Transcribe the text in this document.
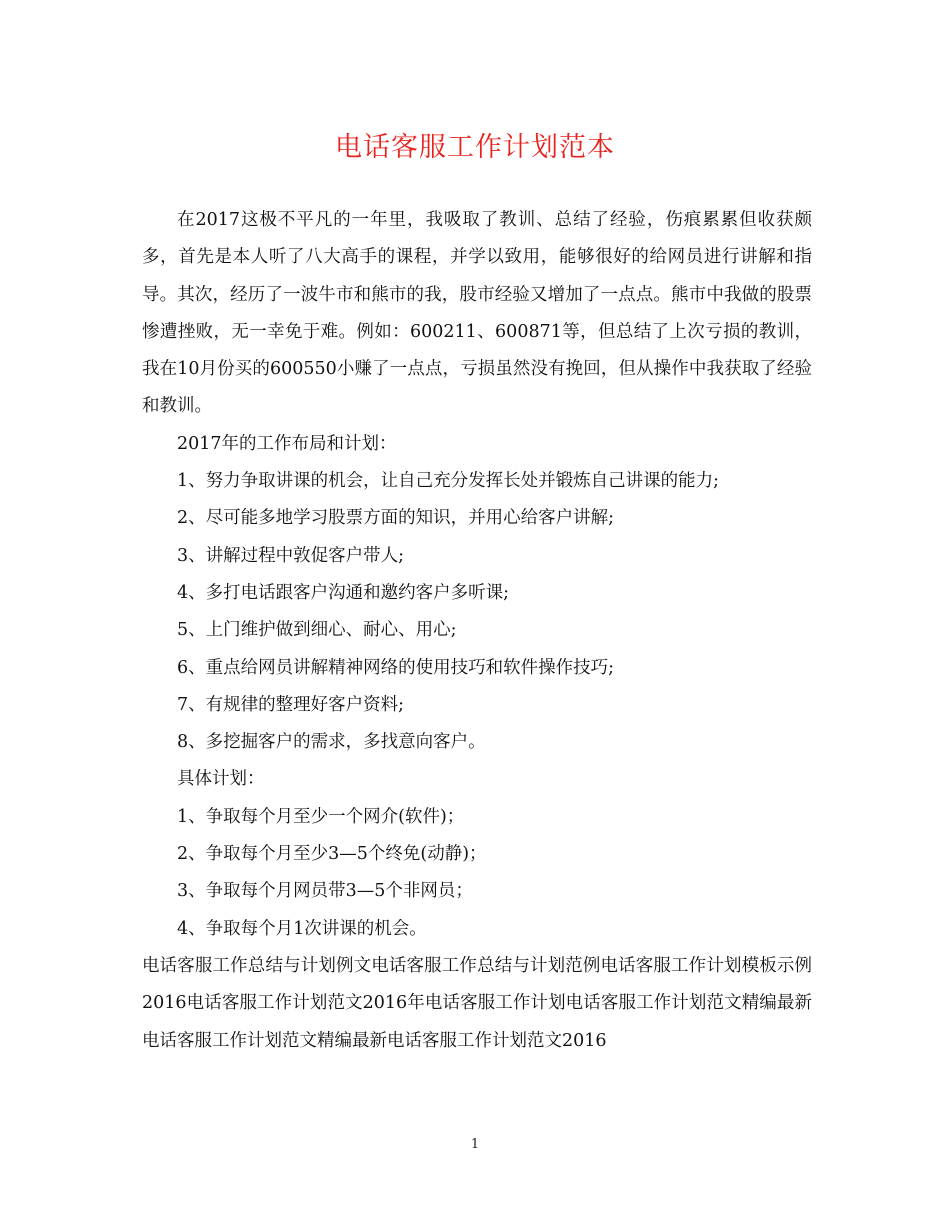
电话客服工作计划范本

在2017这极不平凡的一年里，我吸取了教训、总结了经验，伤痕累累但收获颇多，首先是本人听了八大高手的课程，并学以致用，能够很好的给网员进行讲解和指导。其次，经历了一波牛市和熊市的我，股市经验又增加了一点点。熊市中我做的股票惨遭挫败，无一幸免于难。例如：600211、600871等，但总结了上次亏损的教训，我在10月份买的600550小赚了一点点，亏损虽然没有挽回，但从操作中我获取了经验和教训。

2017年的工作布局和计划：

1、努力争取讲课的机会，让自己充分发挥长处并锻炼自己讲课的能力;

2、尽可能多地学习股票方面的知识，并用心给客户讲解;

3、讲解过程中敦促客户带人;

4、多打电话跟客户沟通和邀约客户多听课;

5、上门维护做到细心、耐心、用心;

6、重点给网员讲解精神网络的使用技巧和软件操作技巧;

7、有规律的整理好客户资料;

8、多挖掘客户的需求，多找意向客户。

具体计划：

1、争取每个月至少一个网介(软件)；

2、争取每个月至少3—5个终免(动静)；

3、争取每个月网员带3—5个非网员；

4、争取每个月1次讲课的机会。

电话客服工作总结与计划例文电话客服工作总结与计划范例电话客服工作计划模板示例2016电话客服工作计划范文2016年电话客服工作计划电话客服工作计划范文精编最新电话客服工作计划范文精编最新电话客服工作计划范文2016

1
